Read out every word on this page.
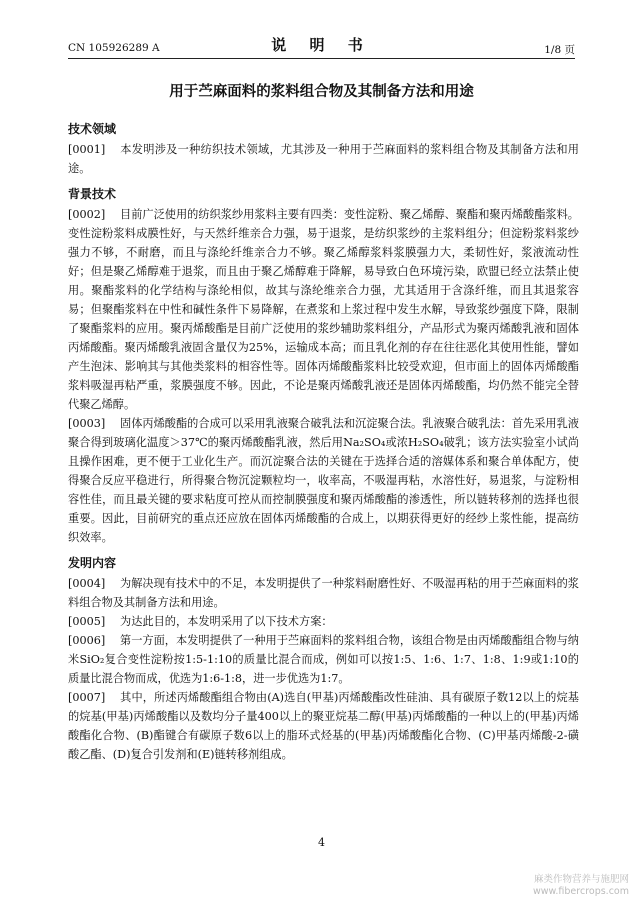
CN 105926289 A	说 明 书	1/8 页
用于苎麻面料的浆料组合物及其制备方法和用途
技术领域

[0001] 本发明涉及一种纺织技术领域，尤其涉及一种用于苎麻面料的浆料组合物及其制备方法和用途。

背景技术

[0002] 目前广泛使用的纺织浆纱用浆料主要有四类：变性淀粉、聚乙烯醇、聚酯和聚丙烯酸酯浆料。变性淀粉浆料成膜性好，与天然纤维亲合力强，易于退浆，是纺织浆纱的主浆料组分；但淀粉浆料浆纱强力不够，不耐磨，而且与涤纶纤维亲合力不够。聚乙烯醇浆料浆膜强力大，柔韧性好，浆液流动性好；但是聚乙烯醇难于退浆，而且由于聚乙烯醇难于降解，易导致白色环境污染，欧盟已经立法禁止使用。聚酯浆料的化学结构与涤纶相似，故其与涤纶维亲合力强，尤其适用于含涤纤维，而且其退浆容易；但聚酯浆料在中性和碱性条件下易降解，在煮浆和上浆过程中发生水解，导致浆纱强度下降，限制了聚酯浆料的应用。聚丙烯酸酯是目前广泛使用的浆纱辅助浆料组分，产品形式为聚丙烯酸乳液和固体丙烯酸酯。聚丙烯酸乳液固含量仅为25%，运输成本高；而且乳化剂的存在往往恶化其使用性能，譬如产生泡沫、影响其与其他类浆料的相容性等。固体丙烯酸酯浆料比较受欢迎，但市面上的固体丙烯酸酯浆料吸湿再粘严重，浆膜强度不够。因此，不论是聚丙烯酸乳液还是固体丙烯酸酯，均仍然不能完全替代聚乙烯醇。

[0003] 固体丙烯酸酯的合成可以采用乳液聚合破乳法和沉淀聚合法。乳液聚合破乳法：首先采用乳液聚合得到玻璃化温度＞37℃的聚丙烯酸酯乳液，然后用Na₂SO₄或浓H₂SO₄破乳；该方法实验室小试尚且操作困难，更不便于工业化生产。而沉淀聚合法的关键在于选择合适的溶媒体系和聚合单体配方，使得聚合反应平稳进行，所得聚合物沉淀颗粒均一，收率高，不吸湿再粘，水溶性好，易退浆，与淀粉相容性佳，而且最关键的要求粘度可控从而控制膜强度和聚丙烯酸酯的渗透性，所以链转移剂的选择也很重要。因此，目前研究的重点还应放在固体丙烯酸酯的合成上，以期获得更好的经纱上浆性能，提高纺织效率。

发明内容

[0004] 为解决现有技术中的不足，本发明提供了一种浆料耐磨性好、不吸湿再粘的用于苎麻面料的浆料组合物及其制备方法和用途。

[0005] 为达此目的，本发明采用了以下技术方案：

[0006] 第一方面，本发明提供了一种用于苎麻面料的浆料组合物，该组合物是由丙烯酸酯组合物与纳米SiO₂复合变性淀粉按1:5-1:10的质量比混合而成，例如可以按1:5、1:6、1:7、1:8、1:9或1:10的质量比混合物而成，优选为1:6-1:8，进一步优选为1:7。

[0007] 其中，所述丙烯酸酯组合物由(A)选自(甲基)丙烯酸酯改性硅油、具有碳原子数12以上的烷基的烷基(甲基)丙烯酸酯以及数均分子量400以上的聚亚烷基二醇(甲基)丙烯酸酯的一种以上的(甲基)丙烯酸酯化合物、(B)酯键合有碳原子数6以上的脂环式烃基的(甲基)丙烯酸酯化合物、(C)甲基丙烯酸-2-磺酸乙酯、(D)复合引发剂和(E)链转移剂组成。

4
麻类作物营养与施肥网
www.fibercrops.com
